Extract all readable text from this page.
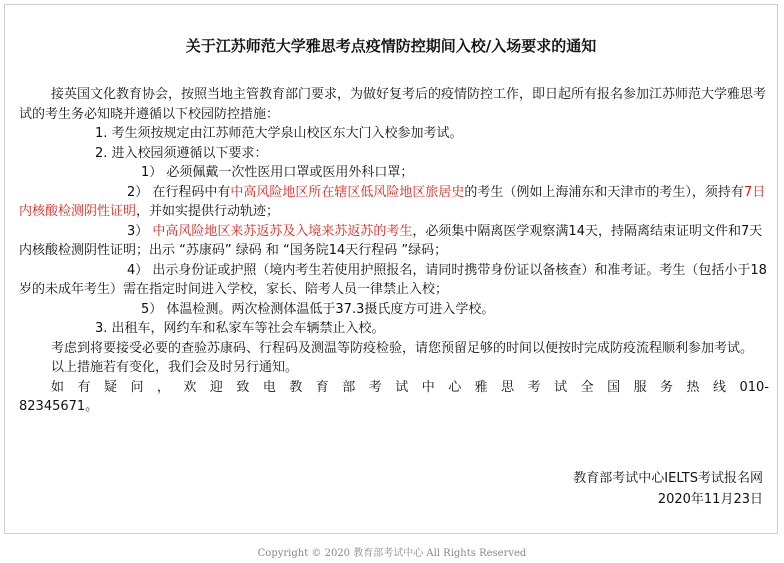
关于江苏师范大学雅思考点疫情防控期间入校/入场要求的通知

接英国文化教育协会，按照当地主管教育部门要求，为做好复考后的疫情防控工作，即日起所有报名参加江苏师范大学雅思考试的考生务必知晓并遵循以下校园防控措施：

1. 考生须按规定由江苏师范大学泉山校区东大门入校参加考试。

2. 进入校园须遵循以下要求：

1） 必须佩戴一次性医用口罩或医用外科口罩；

2） 在行程码中有中高风险地区所在辖区低风险地区旅居史的考生（例如上海浦东和天津市的考生），须持有7日内核酸检测阴性证明，并如实提供行动轨迹；

3） 中高风险地区来苏返苏及入境来苏返苏的考生，必须集中隔离医学观察满14天，持隔离结束证明文件和7天内核酸检测阴性证明；出示 “苏康码” 绿码 和 “国务院14天行程码 ”绿码；

4） 出示身份证或护照（境内考生若使用护照报名，请同时携带身份证以备核查）和准考证。考生（包括小于18岁的未成年考生）需在指定时间进入学校，家长、陪考人员一律禁止入校；

5） 体温检测。两次检测体温低于37.3摄氏度方可进入学校。

3. 出租车，网约车和私家车等社会车辆禁止入校。

考虑到将要接受必要的查验苏康码、行程码及测温等防疫检验，请您预留足够的时间以便按时完成防疫流程顺利参加考试。

以上措施若有变化，我们会及时另行通知。

如有疑问，欢迎致电教育部考试中心雅思考试全国服务热线010-

82345671。

教育部考试中心IELTS考试报名网
2020年11月23日
Copyright © 2020 教育部考试中心 All Rights Reserved
